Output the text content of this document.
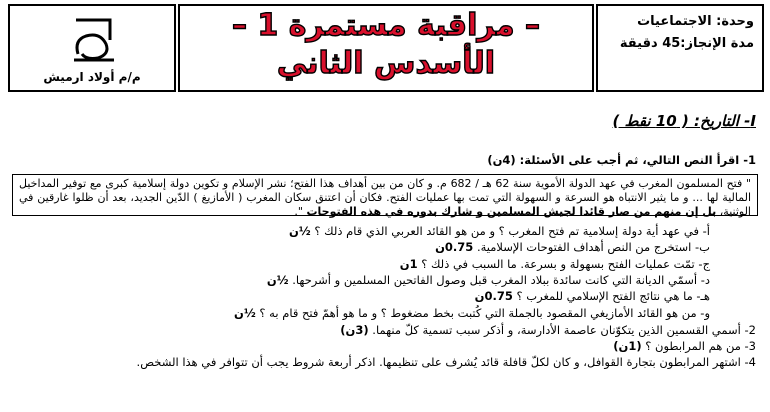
وحدة: الاجتماعيات
مدة الإنجاز:45 دقيقة
– مراقبة مستمرة 1 –
الأسدس الثاني
م/م أولاد ارميش
I- التاريخ: ( 10 نقط )
1- اقرأ النص التالي، ثم أجب على الأسئلة: (4ن)
" فتح المسلمون المغرب في عهد الدولة الأموية سنة 62 هـ / 682 م. و كان من بين أهداف هذا الفتح؛ نشر الإسلام و تكوين دولة إسلامية كبرى مع توفير المداخيل المالية لها ... و ما يثير الانتباه هو السرعة و السهولة التي تمت بها عمليات الفتح. فكان أن اعتنق سكان المغرب ( الأمازيغ ) الدّين الجديد، بعد أن ظلوا غارقين في الوثنية، بل إن منهم من صار قائدا لجيش المسلمين و شارك بدوره في هذه الفتوحات ".
أ- في عهد أية دولة إسلامية تم فتح المغرب ؟ و من هو القائد العربي الذي قام ذلك ؟ ½ن
ب- استخرج من النص أهداف الفتوحات الإسلامية. 0.75ن
ج- تمّت عمليات الفتح بسهولة و بسرعة. ما السبب في ذلك ؟ 1ن
د- أسمّي الديانة التي كانت سائدة ببلاد المغرب قبل وصول الفاتحين المسلمين و أشرحها. ½ن
هـ- ما هي نتائج الفتح الإسلامي للمغرب ؟ 0.75ن
و- من هو القائد الأمازيغي المقصود بالجملة التي كُتبت بخط مضغوط ؟ و ما هو أهمّ فتح قام به ؟ ½ن
2- أسمي القسمين الذين يتكوّنان عاصمة الأدارسة، و أذكر سبب تسمية كلّ منهما. (3ن)
3- من هم المرابطون ؟ (1ن)
4- اشتهر المرابطون بتجارة القوافل، و كان لكلّ قافلة قائد يُشرف على تنظيمها. اذكر أربعة شروط يجب أن تتوافر في هذا الشخص.
